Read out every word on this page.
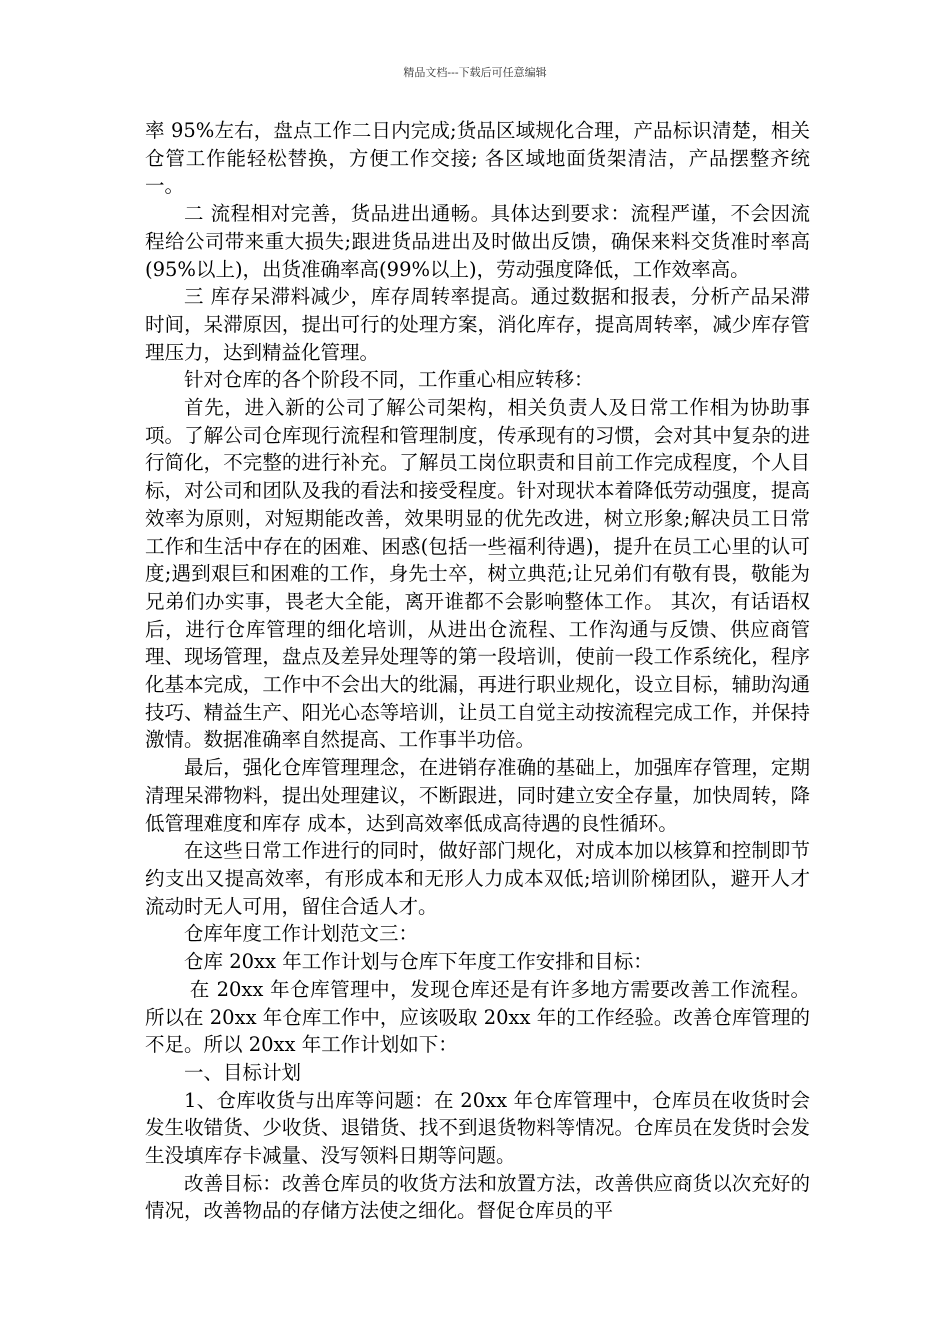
精品文档---下载后可任意编辑

率 95%左右，盘点工作二日内完成;货品区域规化合理，产品标识清楚，相关仓管工作能轻松替换，方便工作交接; 各区域地面货架清洁，产品摆整齐统一。

二 流程相对完善，货品进出通畅。具体达到要求：流程严谨，不会因流程给公司带来重大损失;跟进货品进出及时做出反馈，确保来料交货准时率高(95%以上)，出货准确率高(99%以上)，劳动强度降低，工作效率高。

三 库存呆滞料减少，库存周转率提高。通过数据和报表，分析产品呆滞时间，呆滞原因，提出可行的处理方案，消化库存，提高周转率，减少库存管理压力，达到精益化管理。

针对仓库的各个阶段不同，工作重心相应转移：

首先，进入新的公司了解公司架构，相关负责人及日常工作相为协助事项。了解公司仓库现行流程和管理制度，传承现有的习惯，会对其中复杂的进行简化，不完整的进行补充。了解员工岗位职责和目前工作完成程度，个人目标，对公司和团队及我的看法和接受程度。针对现状本着降低劳动强度，提高效率为原则，对短期能改善，效果明显的优先改进，树立形象;解决员工日常工作和生活中存在的困难、困惑(包括一些福利待遇)，提升在员工心里的认可度;遇到艰巨和困难的工作，身先士卒，树立典范;让兄弟们有敬有畏，敬能为兄弟们办实事，畏老大全能，离开谁都不会影响整体工作。 其次，有话语权后，进行仓库管理的细化培训，从进出仓流程、工作沟通与反馈、供应商管理、现场管理，盘点及差异处理等的第一段培训，使前一段工作系统化，程序化基本完成，工作中不会出大的纰漏，再进行职业规化，设立目标，辅助沟通技巧、精益生产、阳光心态等培训，让员工自觉主动按流程完成工作，并保持激情。数据准确率自然提高、工作事半功倍。

最后，强化仓库管理理念，在进销存准确的基础上，加强库存管理，定期清理呆滞物料，提出处理建议，不断跟进，同时建立安全存量，加快周转，降低管理难度和库存 成本，达到高效率低成高待遇的良性循环。

在这些日常工作进行的同时，做好部门规化，对成本加以核算和控制即节约支出又提高效率，有形成本和无形人力成本双低;培训阶梯团队，避开人才流动时无人可用，留住合适人才。

仓库年度工作计划范文三：

仓库 20xx 年工作计划与仓库下年度工作安排和目标：

在 20xx 年仓库管理中，发现仓库还是有许多地方需要改善工作流程。所以在 20xx 年仓库工作中，应该吸取 20xx 年的工作经验。改善仓库管理的不足。所以 20xx 年工作计划如下：

一、目标计划

1、仓库收货与出库等问题：在 20xx 年仓库管理中，仓库员在收货时会发生收错货、少收货、退错货、找不到退货物料等情况。仓库员在发货时会发生没填库存卡减量、没写领料日期等问题。

改善目标：改善仓库员的收货方法和放置方法，改善供应商货以次充好的情况，改善物品的存储方法使之细化。督促仓库员的平
